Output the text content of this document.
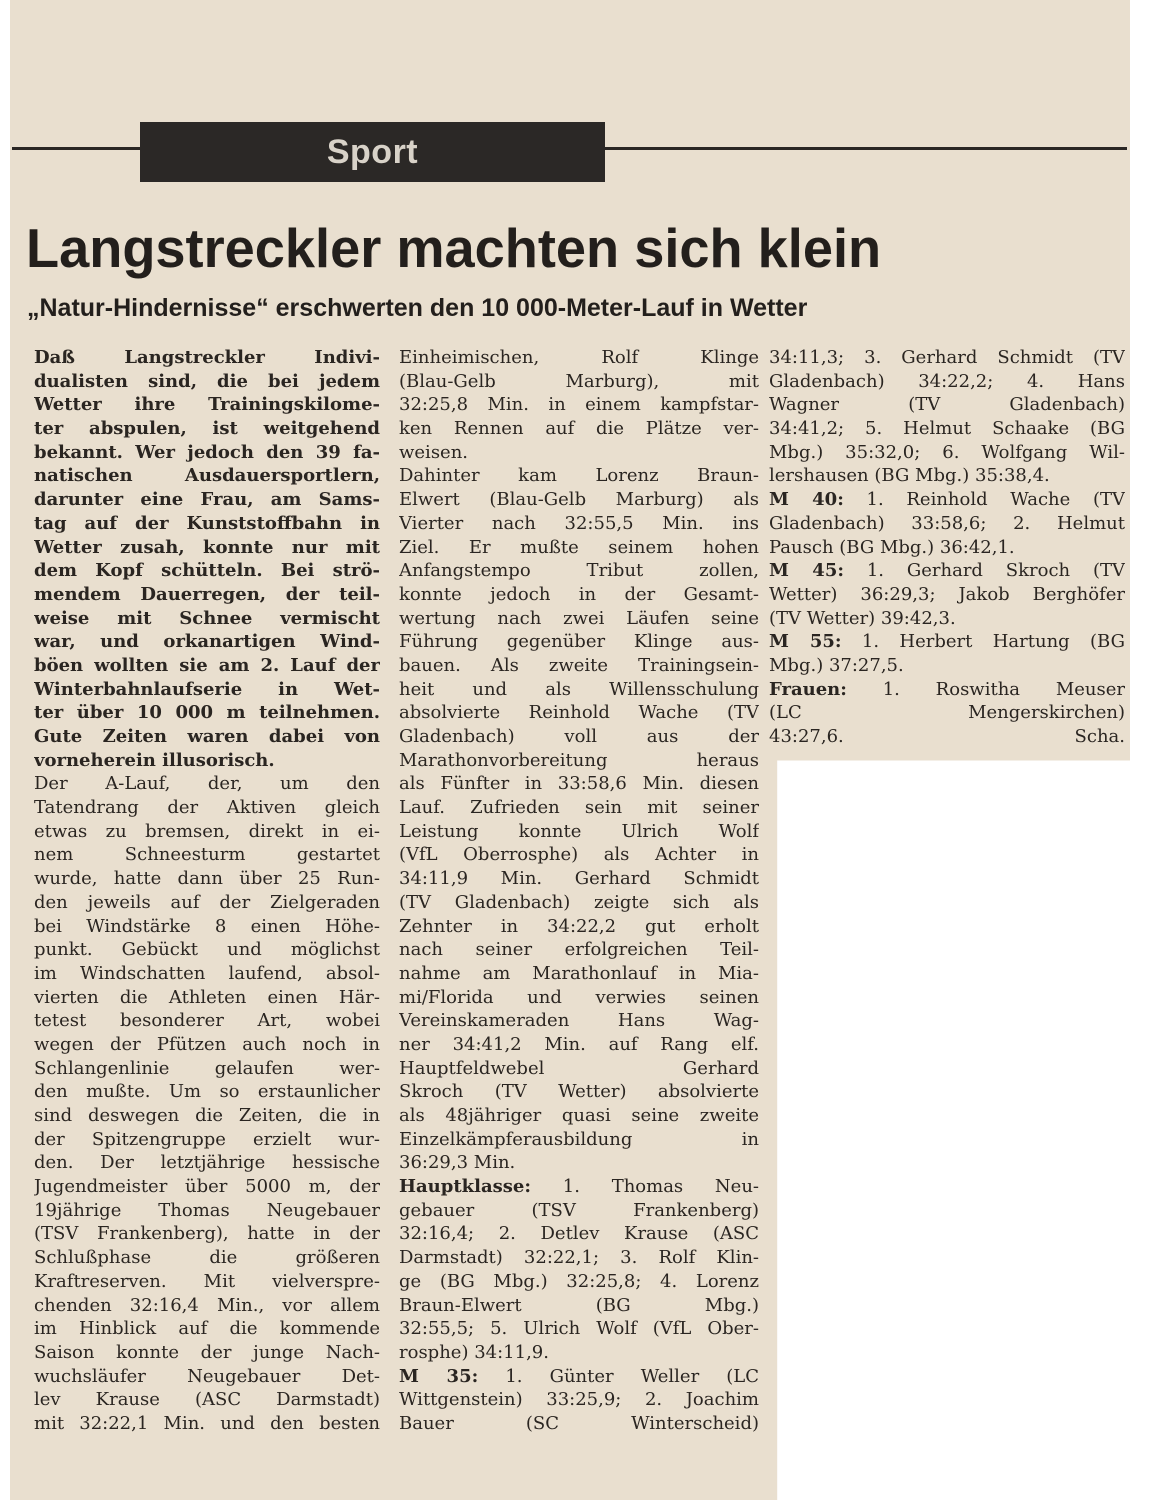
Sport
Langstreckler machten sich klein
„Natur-Hindernisse“ erschwerten den 10 000-Meter-Lauf in Wetter
Daß Langstreckler Indivi-
dualisten sind, die bei jedem
Wetter ihre Trainingskilome-
ter abspulen, ist weitgehend
bekannt. Wer jedoch den 39 fa-
natischen Ausdauersportlern,
darunter eine Frau, am Sams-
tag auf der Kunststoffbahn in
Wetter zusah, konnte nur mit
dem Kopf schütteln. Bei strö-
mendem Dauerregen, der teil-
weise mit Schnee vermischt
war, und orkanartigen Wind-
böen wollten sie am 2. Lauf der
Winterbahnlaufserie in Wet-
ter über 10 000 m teilnehmen.
Gute Zeiten waren dabei von
vorneherein illusorisch.
Der A-Lauf, der, um den
Tatendrang der Aktiven gleich
etwas zu bremsen, direkt in ei-
nem Schneesturm gestartet
wurde, hatte dann über 25 Run-
den jeweils auf der Zielgeraden
bei Windstärke 8 einen Höhe-
punkt. Gebückt und möglichst
im Windschatten laufend, absol-
vierten die Athleten einen Här-
tetest besonderer Art, wobei
wegen der Pfützen auch noch in
Schlangenlinie gelaufen wer-
den mußte. Um so erstaunlicher
sind deswegen die Zeiten, die in
der Spitzengruppe erzielt wur-
den. Der letztjährige hessische
Jugendmeister über 5000 m, der
19jährige Thomas Neugebauer
(TSV Frankenberg), hatte in der
Schlußphase die größeren
Kraftreserven. Mit vielverspre-
chenden 32:16,4 Min., vor allem
im Hinblick auf die kommende
Saison konnte der junge Nach-
wuchsläufer Neugebauer Det-
lev Krause (ASC Darmstadt)
mit 32:22,1 Min. und den besten
Einheimischen, Rolf Klinge
(Blau-Gelb Marburg), mit
32:25,8 Min. in einem kampfstar-
ken Rennen auf die Plätze ver-
weisen.
Dahinter kam Lorenz Braun-
Elwert (Blau-Gelb Marburg) als
Vierter nach 32:55,5 Min. ins
Ziel. Er mußte seinem hohen
Anfangstempo Tribut zollen,
konnte jedoch in der Gesamt-
wertung nach zwei Läufen seine
Führung gegenüber Klinge aus-
bauen. Als zweite Trainingsein-
heit und als Willensschulung
absolvierte Reinhold Wache (TV
Gladenbach) voll aus der
Marathonvorbereitung heraus
als Fünfter in 33:58,6 Min. diesen
Lauf. Zufrieden sein mit seiner
Leistung konnte Ulrich Wolf
(VfL Oberrosphe) als Achter in
34:11,9 Min. Gerhard Schmidt
(TV Gladenbach) zeigte sich als
Zehnter in 34:22,2 gut erholt
nach seiner erfolgreichen Teil-
nahme am Marathonlauf in Mia-
mi/Florida und verwies seinen
Vereinskameraden Hans Wag-
ner 34:41,2 Min. auf Rang elf.
Hauptfeldwebel Gerhard
Skroch (TV Wetter) absolvierte
als 48jähriger quasi seine zweite
Einzelkämpferausbildung in
36:29,3 Min.
Hauptklasse: 1. Thomas Neu-
gebauer (TSV Frankenberg)
32:16,4; 2. Detlev Krause (ASC
Darmstadt) 32:22,1; 3. Rolf Klin-
ge (BG Mbg.) 32:25,8; 4. Lorenz
Braun-Elwert (BG Mbg.)
32:55,5; 5. Ulrich Wolf (VfL Ober-
rosphe) 34:11,9.
M 35: 1. Günter Weller (LC
Wittgenstein) 33:25,9; 2. Joachim
Bauer (SC Winterscheid)
34:11,3; 3. Gerhard Schmidt (TV
Gladenbach) 34:22,2; 4. Hans
Wagner (TV Gladenbach)
34:41,2; 5. Helmut Schaake (BG
Mbg.) 35:32,0; 6. Wolfgang Wil-
lershausen (BG Mbg.) 35:38,4.
M 40: 1. Reinhold Wache (TV
Gladenbach) 33:58,6; 2. Helmut
Pausch (BG Mbg.) 36:42,1.
M 45: 1. Gerhard Skroch (TV
Wetter) 36:29,3; Jakob Berghöfer
(TV Wetter) 39:42,3.
M 55: 1. Herbert Hartung (BG
Mbg.) 37:27,5.
Frauen: 1. Roswitha Meuser
(LC Mengerskirchen)
43:27,6.	Scha.
